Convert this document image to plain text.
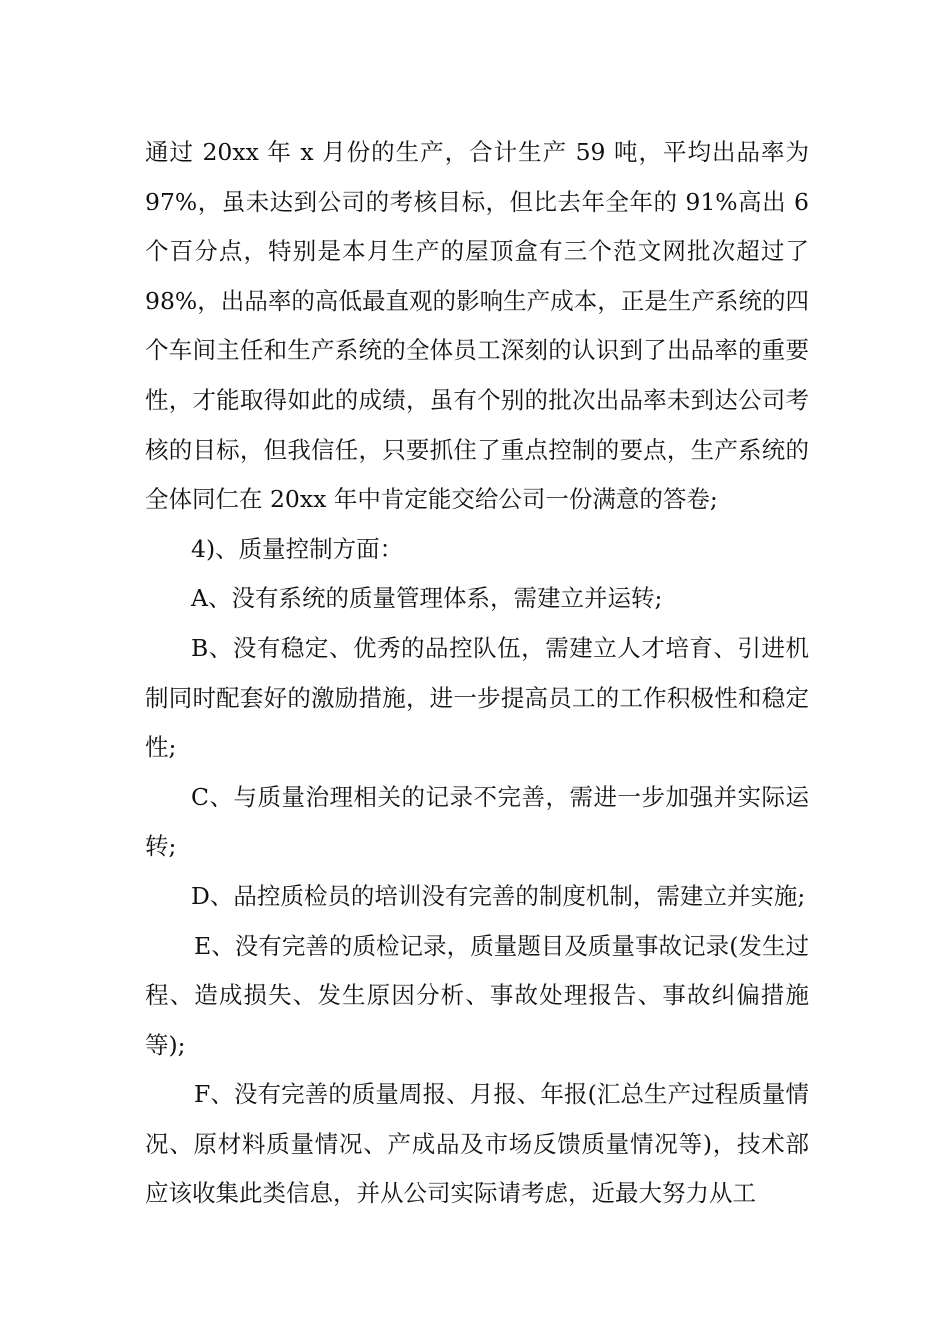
通过 20xx 年 x 月份的生产，合计生产 59 吨，平均出品率为 97%，虽未达到公司的考核目标，但比去年全年的 91%高出 6 个百分点，特别是本月生产的屋顶盒有三个范文网批次超过了 98%，出品率的高低最直观的影响生产成本，正是生产系统的四个车间主任和生产系统的全体员工深刻的认识到了出品率的重要性，才能取得如此的成绩，虽有个别的批次出品率未到达公司考核的目标，但我信任，只要抓住了重点控制的要点，生产系统的全体同仁在 20xx 年中肯定能交给公司一份满意的答卷;

4)、质量控制方面：

A、没有系统的质量管理体系，需建立并运转;

B、没有稳定、优秀的品控队伍，需建立人才培育、引进机制同时配套好的激励措施，进一步提高员工的工作积极性和稳定性;

C、与质量治理相关的记录不完善，需进一步加强并实际运转;

D、品控质检员的培训没有完善的制度机制，需建立并实施;

E、没有完善的质检记录，质量题目及质量事故记录(发生过程、造成损失、发生原因分析、事故处理报告、事故纠偏措施等);

F、没有完善的质量周报、月报、年报(汇总生产过程质量情况、原材料质量情况、产成品及市场反馈质量情况等)，技术部应该收集此类信息，并从公司实际请考虑，近最大努力从工
